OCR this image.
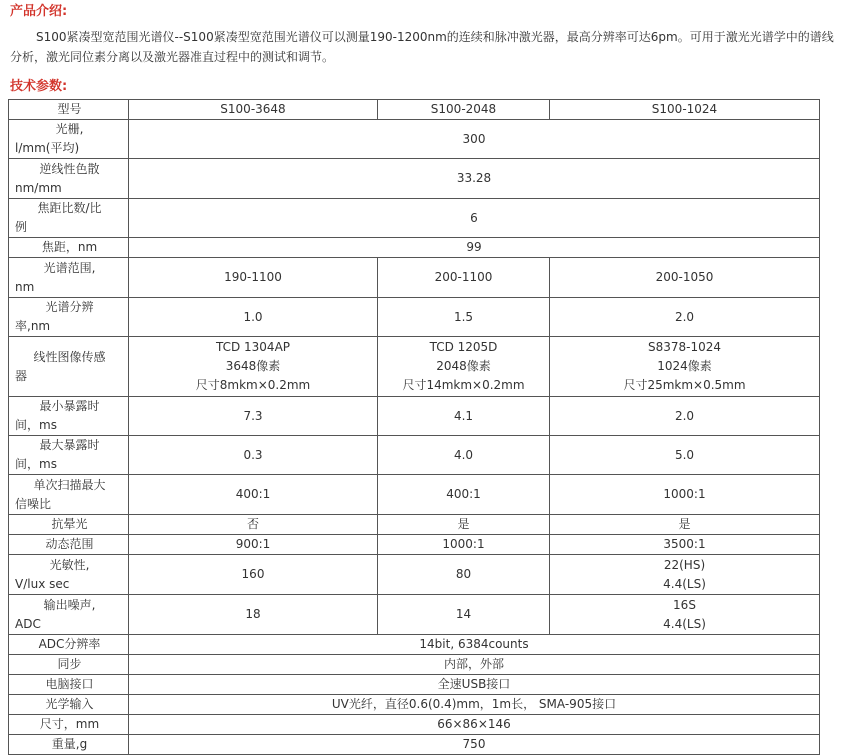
产品介绍:

S100紧凑型宽范围光谱仪--S100紧凑型宽范围光谱仪可以测量190-1200nm的连续和脉冲激光器，最高分辨率可达6pm。可用于激光光谱学中的谱线分析，激光同位素分离以及激光器准直过程中的测试和调节。

技术参数:
型号	S100-3648	S100-2048	S100-1024

光栅,
l/mm(平均)	300		

逆线性色散
nm/mm	33.28		

焦距比数/比
例	6		

焦距，nm	99		

光谱范围,
nm	190-1100	200-1100	200-1050

光谱分辨
率,nm	1.0	1.5	2.0

线性图像传感
器	TCD 1304AP
3648像素
尺寸8mkm×0.2mm	TCD 1205D
2048像素
尺寸14mkm×0.2mm	S8378-1024
1024像素
尺寸25mkm×0.5mm

最小暴露时
间，ms	7.3	4.1	2.0

最大暴露时
间，ms	0.3	4.0	5.0

单次扫描最大
信噪比	400:1	400:1	1000:1

抗晕光	否	是	是

动态范围	900:1	1000:1	3500:1

光敏性,
V/lux sec	160	80	22(HS)
4.4(LS)

输出噪声,
ADC	18	14	16S
4.4(LS)

ADC分辨率	14bit, 6384counts		

同步	内部，外部		

电脑接口	全速USB接口		

光学输入	UV光纤，直径0.6(0.4)mm，1m长， SMA-905接口		

尺寸，mm	66×86×146		

重量,g	750		
